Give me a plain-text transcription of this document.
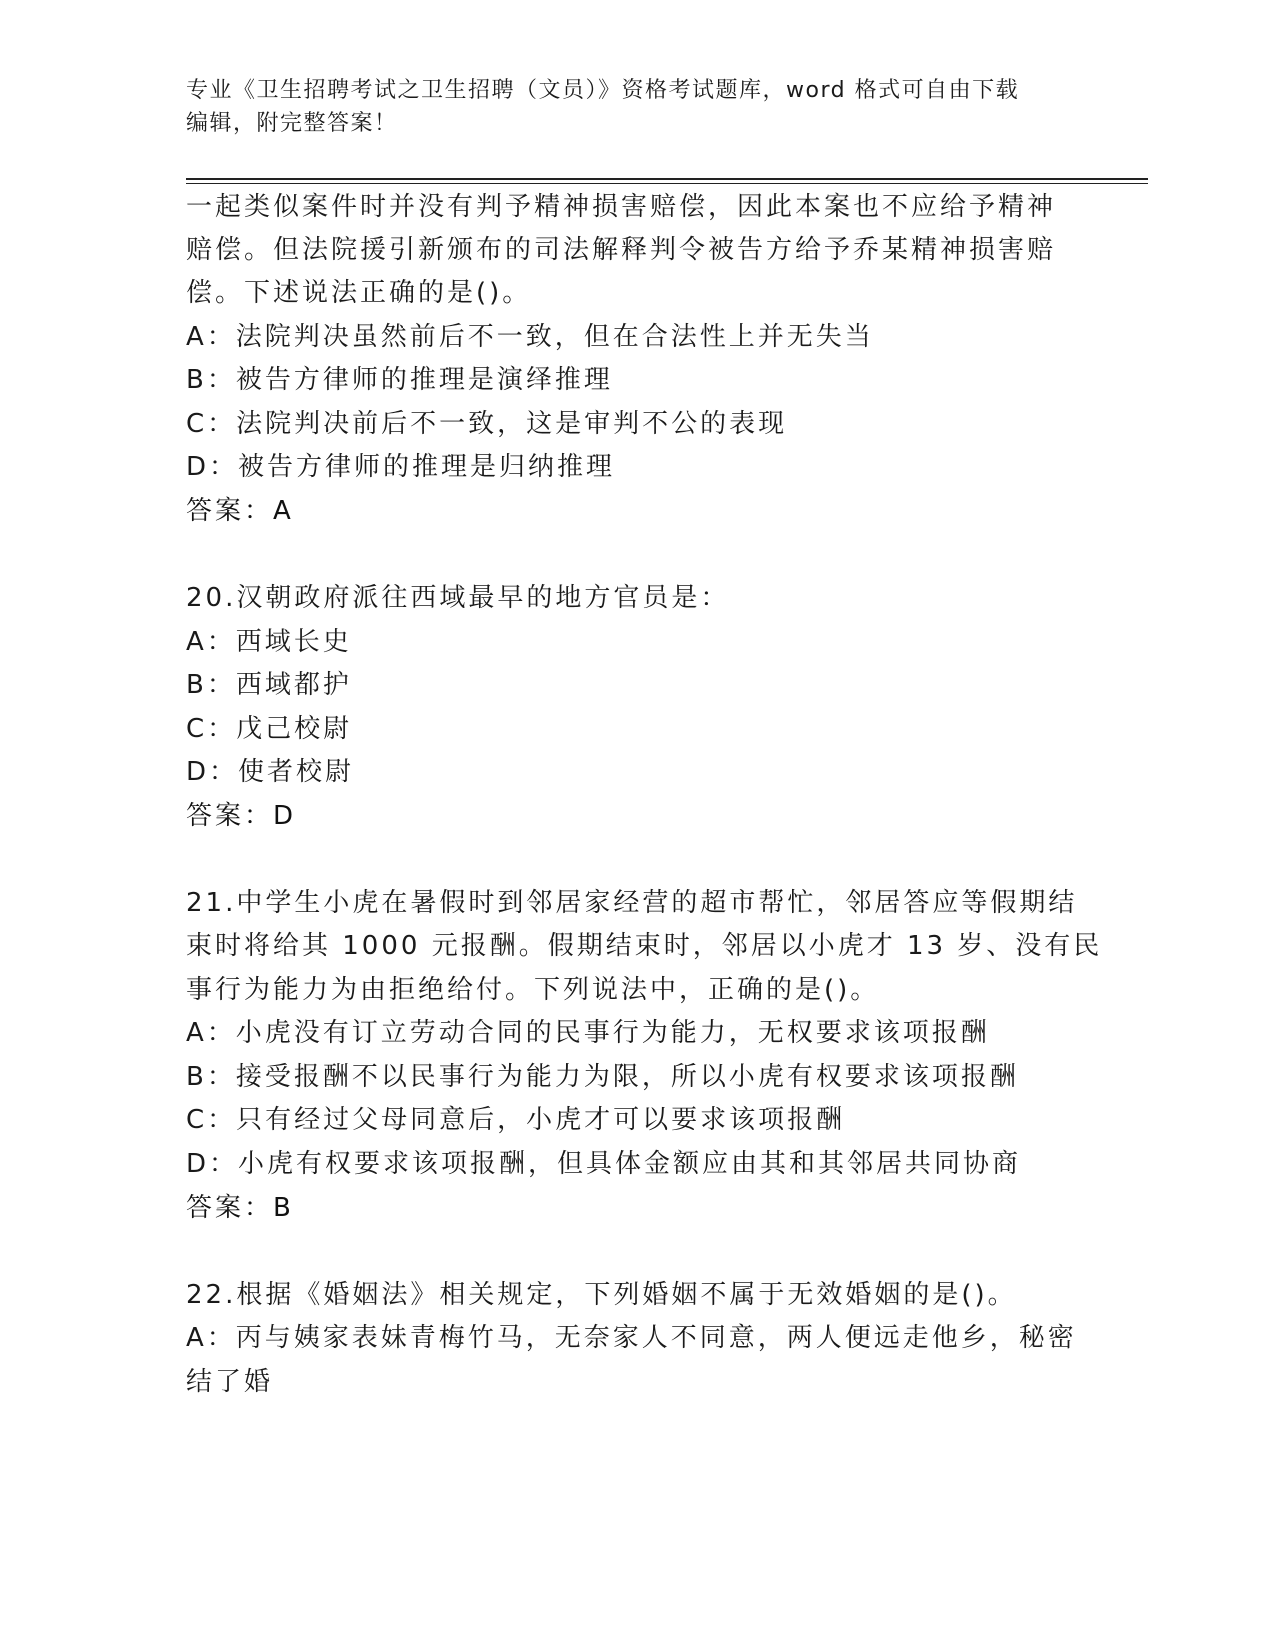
专业《卫生招聘考试之卫生招聘（文员）》资格考试题库，word 格式可自由下载
编辑，附完整答案！
一起类似案件时并没有判予精神损害赔偿，因此本案也不应给予精神
赔偿。但法院援引新颁布的司法解释判令被告方给予乔某精神损害赔
偿。下述说法正确的是()。
A：法院判决虽然前后不一致，但在合法性上并无失当
B：被告方律师的推理是演绎推理
C：法院判决前后不一致，这是审判不公的表现
D：被告方律师的推理是归纳推理
答案：A
20.汉朝政府派往西域最早的地方官员是：
A：西域长史
B：西域都护
C：戊己校尉
D：使者校尉
答案：D
21.中学生小虎在暑假时到邻居家经营的超市帮忙，邻居答应等假期结
束时将给其 1000 元报酬。假期结束时，邻居以小虎才 13 岁、没有民
事行为能力为由拒绝给付。下列说法中，正确的是()。
A：小虎没有订立劳动合同的民事行为能力，无权要求该项报酬
B：接受报酬不以民事行为能力为限，所以小虎有权要求该项报酬
C：只有经过父母同意后，小虎才可以要求该项报酬
D：小虎有权要求该项报酬，但具体金额应由其和其邻居共同协商
答案：B
22.根据《婚姻法》相关规定，下列婚姻不属于无效婚姻的是()。
A：丙与姨家表妹青梅竹马，无奈家人不同意，两人便远走他乡，秘密
结了婚
